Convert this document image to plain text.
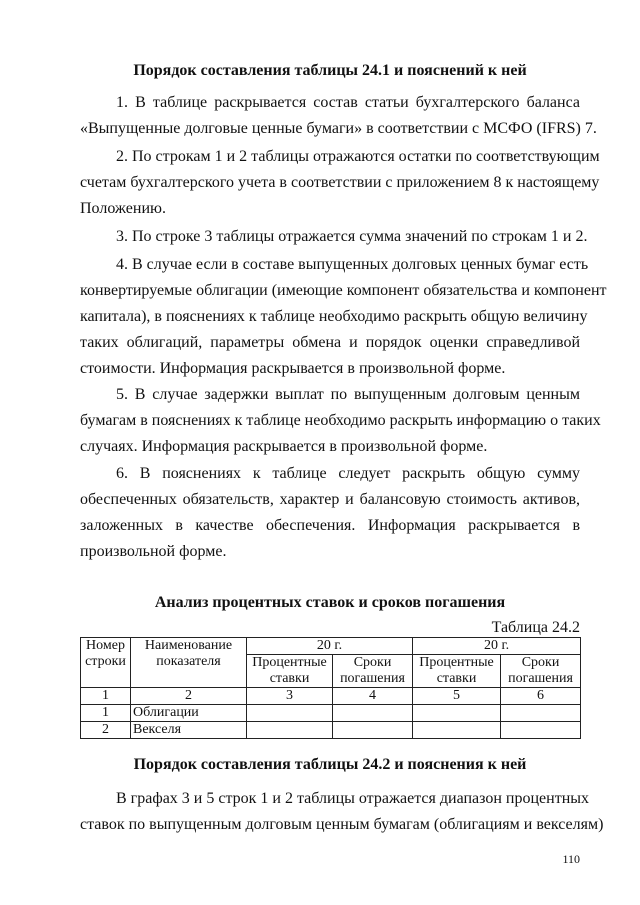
Порядок составления таблицы 24.1 и пояснений к ней
1. В таблице раскрывается состав статьи бухгалтерского баланса
«Выпущенные долговые ценные бумаги» в соответствии с МСФО (IFRS) 7.
2. По строкам 1 и 2 таблицы отражаются остатки по соответствующим
счетам бухгалтерского учета в соответствии с приложением 8 к настоящему
Положению.
3. По строке 3 таблицы отражается сумма значений по строкам 1 и 2.
4. В случае если в составе выпущенных долговых ценных бумаг есть
конвертируемые облигации (имеющие компонент обязательства и компонент
капитала), в пояснениях к таблице необходимо раскрыть общую величину
таких облигаций, параметры обмена и порядок оценки справедливой
стоимости. Информация раскрывается в произвольной форме.
5. В случае задержки выплат по выпущенным долговым ценным
бумагам в пояснениях к таблице необходимо раскрыть информацию о таких
случаях. Информация раскрывается в произвольной форме.
6. В пояснениях к таблице следует раскрыть общую сумму
обеспеченных обязательств, характер и балансовую стоимость активов,
заложенных в качестве обеспечения. Информация раскрывается в
произвольной форме.
Анализ процентных ставок и сроков погашения
Таблица 24.2
Номер строки	Наименование показателя	20 г.		20 г.	
		Процентные ставки	Сроки погашения	Процентные ставки	Сроки погашения
1	2	3	4	5	6
1	Облигации				
2	Векселя				
Порядок составления таблицы 24.2 и пояснения к ней
В графах 3 и 5 строк 1 и 2 таблицы отражается диапазон процентных
ставок по выпущенным долговым ценным бумагам (облигациям и векселям)
110
